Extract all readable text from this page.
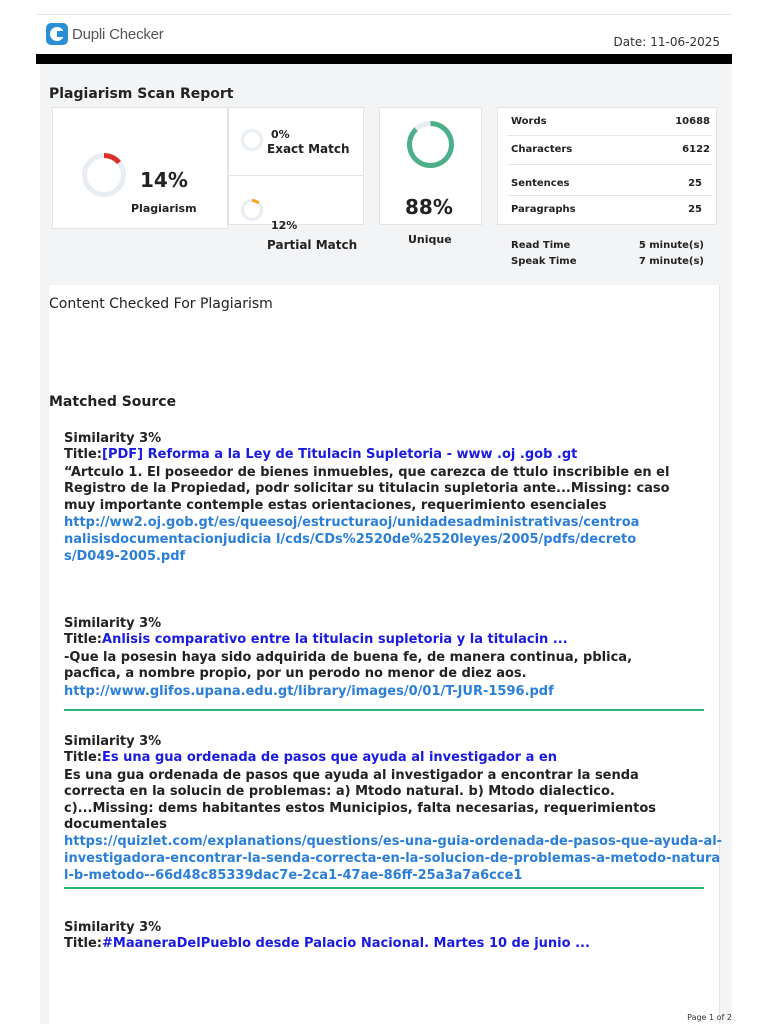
Dupli Checker	Date: 11-06-2025
Plagiarism Scan Report
14%
Plagiarism
0%
Exact Match
12%
Partial Match
88%
Unique
Words	10688
Characters	6122
Sentences	25
Paragraphs	25
Read Time	5 minute(s)
Speak Time	7 minute(s)
Content Checked For Plagiarism
Matched Source
Similarity 3%
Title:[PDF] Reforma a la Ley de Titulacin Supletoria - www .oj .gob .gt
“Artculo 1. El poseedor de bienes inmuebles, que carezca de ttulo inscribible en el Registro de la Propiedad, podr solicitar su titulacin supletoria ante...Missing: caso muy importante contemple estas orientaciones, requerimiento esenciales
http://ww2.oj.gob.gt/es/queesoj/estructuraoj/unidadesadministrativas/centroanalisisdocumentacionjudicia l/cds/CDs%2520de%2520leyes/2005/pdfs/decretos/D049-2005.pdf
Similarity 3%
Title:Anlisis comparativo entre la titulacin supletoria y la titulacin ...
-Que la posesin haya sido adquirida de buena fe, de manera continua, pblica, pacfica, a nombre propio, por un perodo no menor de diez aos.
http://www.glifos.upana.edu.gt/library/images/0/01/T-JUR-1596.pdf
Similarity 3%
Title:Es una gua ordenada de pasos que ayuda al investigador a en
Es una gua ordenada de pasos que ayuda al investigador a encontrar la senda correcta en la solucin de problemas: a) Mtodo natural. b) Mtodo dialectico. c)...Missing: dems habitantes estos Municipios, falta necesarias, requerimientos documentales
https://quizlet.com/explanations/questions/es-una-guia-ordenada-de-pasos-que-ayuda-al-investigadora-encontrar-la-senda-correcta-en-la-solucion-de-problemas-a-metodo-natural-b-metodo--66d48c85339dac7e-2ca1-47ae-86ff-25a3a7a6cce1
Similarity 3%
Title:#MaaneraDelPueblo desde Palacio Nacional. Martes 10 de junio ...
Page 1 of 2
